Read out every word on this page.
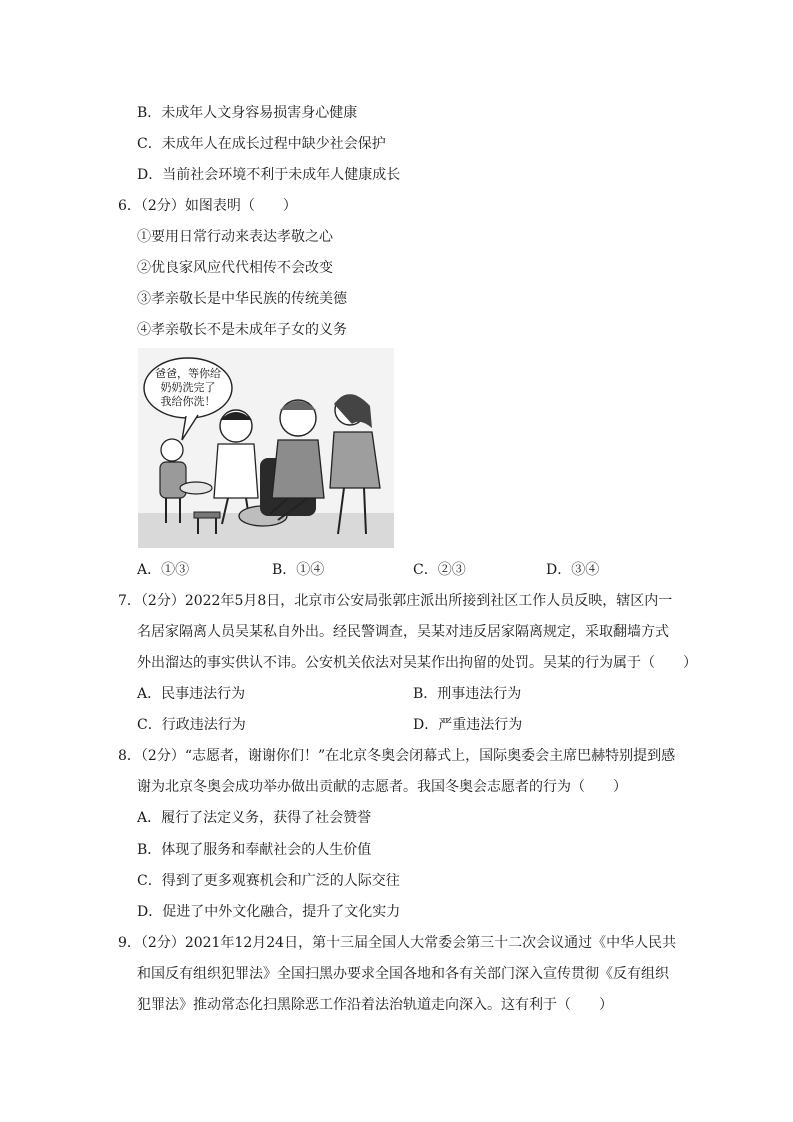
B．未成年人文身容易损害身心健康
C．未成年人在成长过程中缺少社会保护
D．当前社会环境不利于未成年人健康成长
6．（2分）如图表明（　　）
①要用日常行动来表达孝敬之心
②优良家风应代代相传不会改变
③孝亲敬长是中华民族的传统美德
④孝亲敬长不是未成年子女的义务
爸爸，等你给
奶奶洗完了
我给你洗！
A．①③	B．①④	C．②③	D．③④
7．（2分）2022年5月8日，北京市公安局张郭庄派出所接到社区工作人员反映，辖区内一
名居家隔离人员吴某私自外出。经民警调查，吴某对违反居家隔离规定，采取翻墙方式
外出溜达的事实供认不讳。公安机关依法对吴某作出拘留的处罚。吴某的行为属于（　　）
A．民事违法行为	B．刑事违法行为
C．行政违法行为	D．严重违法行为
8．（2分）“志愿者，谢谢你们！”在北京冬奥会闭幕式上，国际奥委会主席巴赫特别提到感
谢为北京冬奥会成功举办做出贡献的志愿者。我国冬奥会志愿者的行为（　　）
A．履行了法定义务，获得了社会赞誉
B．体现了服务和奉献社会的人生价值
C．得到了更多观赛机会和广泛的人际交往
D．促进了中外文化融合，提升了文化实力
9．（2分）2021年12月24日，第十三届全国人大常委会第三十二次会议通过《中华人民共
和国反有组织犯罪法》全国扫黑办要求全国各地和各有关部门深入宣传贯彻《反有组织
犯罪法》推动常态化扫黑除恶工作沿着法治轨道走向深入。这有利于（　　）
